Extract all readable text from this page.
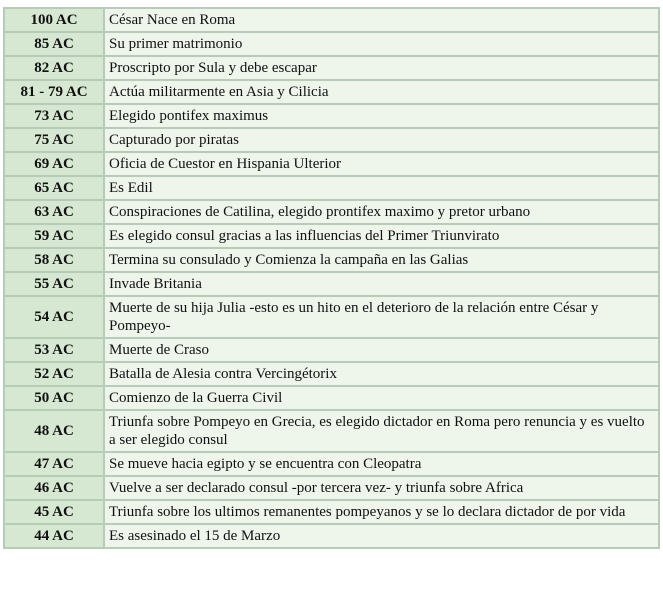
100 AC	César Nace en Roma
85 AC	Su primer matrimonio
82 AC	Proscripto por Sula y debe escapar
81 - 79 AC	Actúa militarmente en Asia y Cilicia
73 AC	Elegido pontifex maximus
75 AC	Capturado por piratas
69 AC	Oficia de Cuestor en Hispania Ulterior
65 AC	Es Edil
63 AC	Conspiraciones de Catilina, elegido prontifex maximo y pretor urbano
59 AC	Es elegido consul gracias a las influencias del Primer Triunvirato
58 AC	Termina su consulado y Comienza la campaña en las Galias
55 AC	Invade Britania
54 AC	Muerte de su hija Julia -esto es un hito en el deterioro de la relación entre César y Pompeyo-
53 AC	Muerte de Craso
52 AC	Batalla de Alesia contra Vercingétorix
50 AC	Comienzo de la Guerra Civil
48 AC	Triunfa sobre Pompeyo en Grecia, es elegido dictador en Roma pero renuncia y es vuelto a ser elegido consul
47 AC	Se mueve hacia egipto y se encuentra con Cleopatra
46 AC	Vuelve a ser declarado consul -por tercera vez- y triunfa sobre Africa
45 AC	Triunfa sobre los ultimos remanentes pompeyanos y se lo declara dictador de por vida
44 AC	Es asesinado el 15 de Marzo
